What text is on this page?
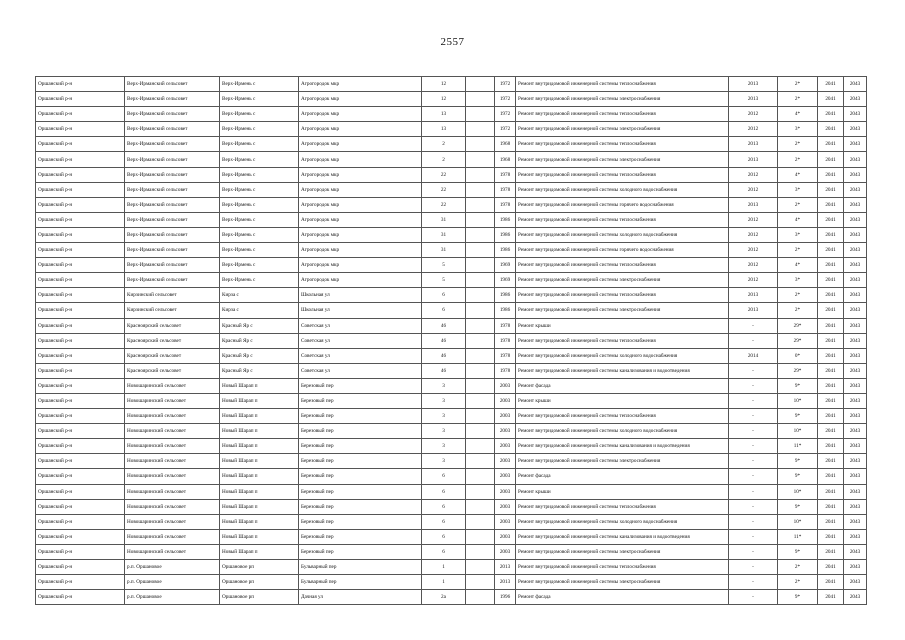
2557
Оршанский р-н	Верх-Ирманский сельсовет	Верх-Ирмень с	Агрогородок мкр	12		1972	Ремонт внутридомовой инженерной системы теплоснабжения	2013	2*	2041	2043
Оршанский р-н	Верх-Ирманский сельсовет	Верх-Ирмень с	Агрогородок мкр	12		1972	Ремонт внутридомовой инженерной системы электроснабжения	2013	2*	2041	2043
Оршанский р-н	Верх-Ирманский сельсовет	Верх-Ирмень с	Агрогородок мкр	13		1972	Ремонт внутридомовой инженерной системы теплоснабжения	2012	4*	2041	2043
Оршанский р-н	Верх-Ирманский сельсовет	Верх-Ирмень с	Агрогородок мкр	13		1972	Ремонт внутридомовой инженерной системы электроснабжения	2012	3*	2041	2043
Оршанский р-н	Верх-Ирманский сельсовет	Верх-Ирмень с	Агрогородок мкр	2		1968	Ремонт внутридомовой инженерной системы теплоснабжения	2013	2*	2041	2043
Оршанский р-н	Верх-Ирманский сельсовет	Верх-Ирмень с	Агрогородок мкр	2		1968	Ремонт внутридомовой инженерной системы электроснабжения	2013	2*	2041	2043
Оршанский р-н	Верх-Ирманский сельсовет	Верх-Ирмень с	Агрогородок мкр	22		1978	Ремонт внутридомовой инженерной системы теплоснабжения	2012	4*	2041	2043
Оршанский р-н	Верх-Ирманский сельсовет	Верх-Ирмень с	Агрогородок мкр	22		1978	Ремонт внутридомовой инженерной системы холодного водоснабжения	2012	3*	2041	2043
Оршанский р-н	Верх-Ирманский сельсовет	Верх-Ирмень с	Агрогородок мкр	22		1978	Ремонт внутридомовой инженерной системы горячего водоснабжения	2013	2*	2041	2043
Оршанский р-н	Верх-Ирманский сельсовет	Верх-Ирмень с	Агрогородок мкр	31		1986	Ремонт внутридомовой инженерной системы теплоснабжения	2012	4*	2041	2043
Оршанский р-н	Верх-Ирманский сельсовет	Верх-Ирмень с	Агрогородок мкр	31		1986	Ремонт внутридомовой инженерной системы холодного водоснабжения	2012	3*	2041	2043
Оршанский р-н	Верх-Ирманский сельсовет	Верх-Ирмень с	Агрогородок мкр	31		1986	Ремонт внутридомовой инженерной системы горячего водоснабжения	2012	2*	2041	2043
Оршанский р-н	Верх-Ирманский сельсовет	Верх-Ирмень с	Агрогородок мкр	5		1969	Ремонт внутридомовой инженерной системы теплоснабжения	2012	4*	2041	2043
Оршанский р-н	Верх-Ирманский сельсовет	Верх-Ирмень с	Агрогородок мкр	5		1969	Ремонт внутридомовой инженерной системы электроснабжения	2012	3*	2041	2043
Оршанский р-н	Кирзинский сельсовет	Кирза с	Школьная ул	6		1986	Ремонт внутридомовой инженерной системы теплоснабжения	2013	2*	2041	2043
Оршанский р-н	Кирзинский сельсовет	Кирза с	Школьная ул	6		1986	Ремонт внутридомовой инженерной системы электроснабжения	2013	2*	2041	2043
Оршанский р-н	Красноярский сельсовет	Красный Яр с	Советская ул	46		1978	Ремонт крыши	-	29*	2041	2043
Оршанский р-н	Красноярский сельсовет	Красный Яр с	Советская ул	46		1978	Ремонт внутридомовой инженерной системы теплоснабжения	-	29*	2041	2043
Оршанский р-н	Красноярский сельсовет	Красный Яр с	Советская ул	46		1978	Ремонт внутридомовой инженерной системы холодного водоснабжения	2014	0*	2041	2043
Оршанский р-н	Красноярский сельсовет	Красный Яр с	Советская ул	46		1978	Ремонт внутридомовой инженерной системы канализования и водоотведения	-	29*	2041	2043
Оршанский р-н	Новошаринский сельсовет	Новый Шарап п	Березовый пер	3		2003	Ремонт фасада	-	9*	2041	2043
Оршанский р-н	Новошаринский сельсовет	Новый Шарап п	Березовый пер	3		2003	Ремонт крыши	-	10*	2041	2043
Оршанский р-н	Новошаринский сельсовет	Новый Шарап п	Березовый пер	3		2003	Ремонт внутридомовой инженерной системы теплоснабжения	-	9*	2041	2043
Оршанский р-н	Новошаринский сельсовет	Новый Шарап п	Березовый пер	3		2003	Ремонт внутридомовой инженерной системы холодного водоснабжения	-	10*	2041	2043
Оршанский р-н	Новошаринский сельсовет	Новый Шарап п	Березовый пер	3		2003	Ремонт внутридомовой инженерной системы канализования и водоотведения	-	11*	2041	2043
Оршанский р-н	Новошаринский сельсовет	Новый Шарап п	Березовый пер	3		2003	Ремонт внутридомовой инженерной системы электроснабжения	-	9*	2041	2043
Оршанский р-н	Новошаринский сельсовет	Новый Шарап п	Березовый пер	6		2003	Ремонт фасада	-	9*	2041	2043
Оршанский р-н	Новошаринский сельсовет	Новый Шарап п	Березовый пер	6		2003	Ремонт крыши	-	10*	2041	2043
Оршанский р-н	Новошаринский сельсовет	Новый Шарап п	Березовый пер	6		2003	Ремонт внутридомовой инженерной системы теплоснабжения	-	9*	2041	2043
Оршанский р-н	Новошаринский сельсовет	Новый Шарап п	Березовый пер	6		2003	Ремонт внутридомовой инженерной системы холодного водоснабжения	-	10*	2041	2043
Оршанский р-н	Новошаринский сельсовет	Новый Шарап п	Березовый пер	6		2003	Ремонт внутридомовой инженерной системы канализования и водоотведения	-	11*	2041	2043
Оршанский р-н	Новошаринский сельсовет	Новый Шарап п	Березовый пер	6		2003	Ремонт внутридомовой инженерной системы электроснабжения	-	9*	2041	2043
Оршанский р-н	р.п. Оршановое	Оршановое рп	Бульварный пер	1		2013	Ремонт внутридомовой инженерной системы теплоснабжения	-	2*	2041	2043
Оршанский р-н	р.п. Оршановое	Оршановое рп	Бульварный пер	1		2013	Ремонт внутридомовой инженерной системы электроснабжения	-	2*	2041	2043
Оршанский р-н	р.п. Оршановое	Оршановое рп	Дачная ул	2а		1996	Ремонт фасада	-	9*	2041	2043
